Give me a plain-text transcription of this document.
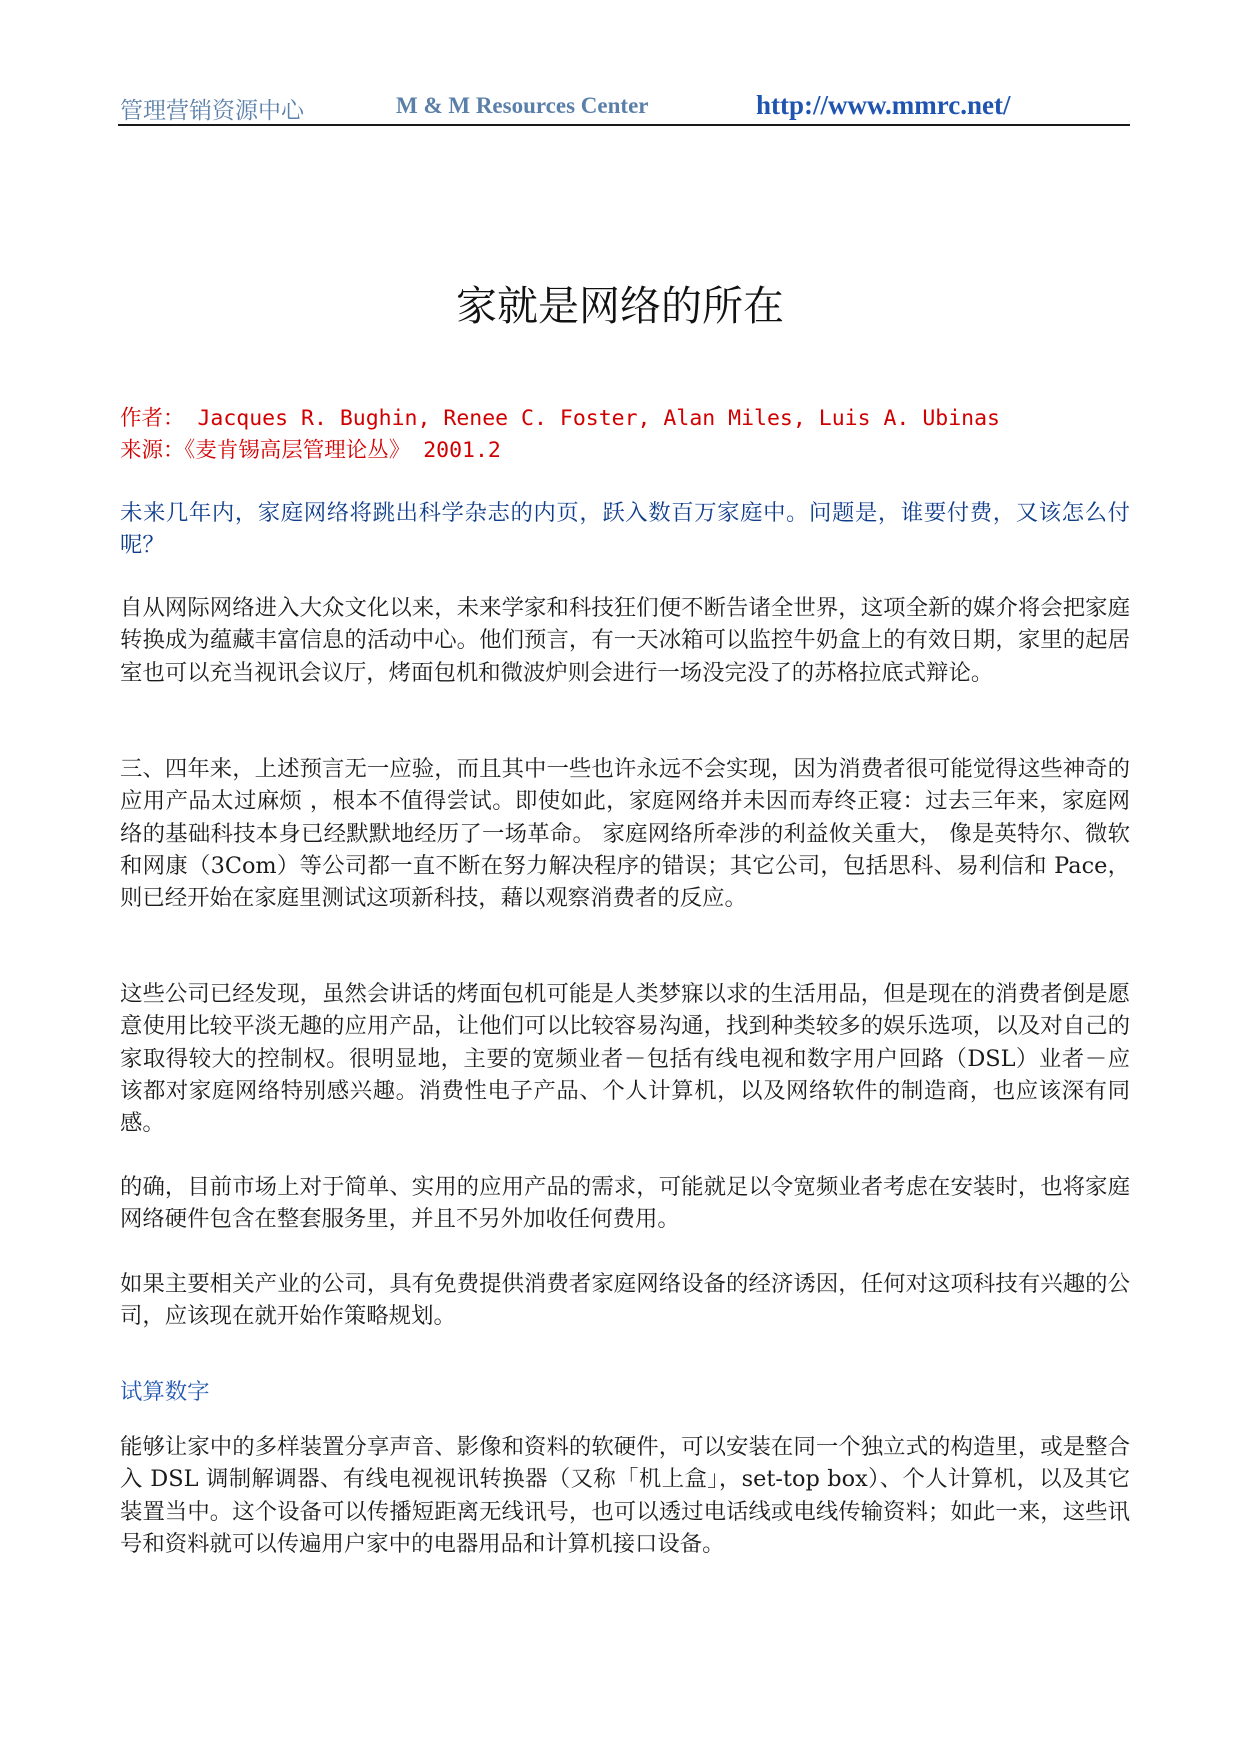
管理营销资源中心	M & M Resources Center	http://www.mmrc.net/
家就是网络的所在
作者： Jacques R. Bughin, Renee C. Foster, Alan Miles, Luis A. Ubinas
来源：《麦肯锡高层管理论丛》 2001.2

未来几年内，家庭网络将跳出科学杂志的内页，跃入数百万家庭中。问题是，谁要付费，又该怎么付呢？

自从网际网络进入大众文化以来，未来学家和科技狂们便不断告诸全世界，这项全新的媒介将会把家庭转换成为蕴藏丰富信息的活动中心。他们预言，有一天冰箱可以监控牛奶盒上的有效日期，家里的起居室也可以充当视讯会议厅，烤面包机和微波炉则会进行一场没完没了的苏格拉底式辩论。

三、四年来，上述预言无一应验，而且其中一些也许永远不会实现，因为消费者很可能觉得这些神奇的应用产品太过麻烦 ，根本不值得尝试。即使如此，家庭网络并未因而寿终正寝：过去三年来，家庭网络的基础科技本身已经默默地经历了一场革命。 家庭网络所牵涉的利益攸关重大， 像是英特尔、微软和网康（3Com）等公司都一直不断在努力解决程序的错误；其它公司，包括思科、易利信和 Pace，则已经开始在家庭里测试这项新科技，藉以观察消费者的反应。

这些公司已经发现，虽然会讲话的烤面包机可能是人类梦寐以求的生活用品，但是现在的消费者倒是愿意使用比较平淡无趣的应用产品，让他们可以比较容易沟通，找到种类较多的娱乐选项，以及对自己的家取得较大的控制权。很明显地，主要的宽频业者－包括有线电视和数字用户回路（DSL）业者－应该都对家庭网络特别感兴趣。消费性电子产品、个人计算机，以及网络软件的制造商，也应该深有同感。

的确，目前市场上对于简单、实用的应用产品的需求，可能就足以令宽频业者考虑在安装时，也将家庭网络硬件包含在整套服务里，并且不另外加收任何费用。

如果主要相关产业的公司，具有免费提供消费者家庭网络设备的经济诱因，任何对这项科技有兴趣的公司，应该现在就开始作策略规划。

试算数字

能够让家中的多样装置分享声音、影像和资料的软硬件，可以安装在同一个独立式的构造里，或是整合入 DSL 调制解调器、有线电视视讯转换器（又称「机上盒」，set-top box）、个人计算机，以及其它装置当中。这个设备可以传播短距离无线讯号，也可以透过电话线或电线传输资料；如此一来，这些讯号和资料就可以传遍用户家中的电器用品和计算机接口设备。
